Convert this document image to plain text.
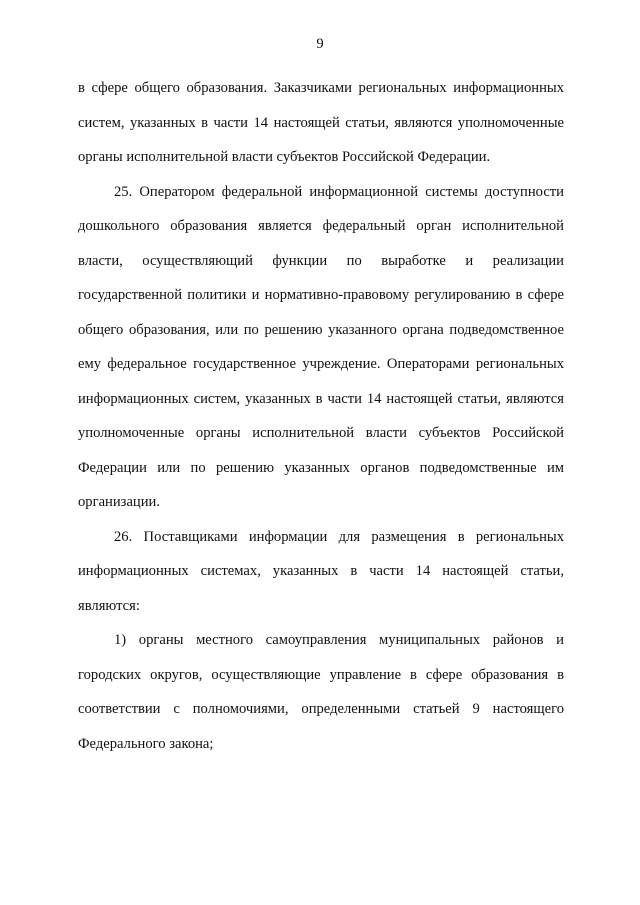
9

в сфере общего образования. Заказчиками региональных информационных систем, указанных в части 14 настоящей статьи, являются уполномоченные органы исполнительной власти субъектов Российской Федерации.

25. Оператором федеральной информационной системы доступности дошкольного образования является федеральный орган исполнительной власти, осуществляющий функции по выработке и реализации государственной политики и нормативно-правовому регулированию в сфере общего образования, или по решению указанного органа подведомственное ему федеральное государственное учреждение. Операторами региональных информационных систем, указанных в части 14 настоящей статьи, являются уполномоченные органы исполнительной власти субъектов Российской Федерации или по решению указанных органов подведомственные им организации.

26. Поставщиками информации для размещения в региональных информационных системах, указанных в части 14 настоящей статьи, являются:

1) органы местного самоуправления муниципальных районов и городских округов, осуществляющие управление в сфере образования в соответствии с полномочиями, определенными статьей 9 настоящего Федерального закона;
